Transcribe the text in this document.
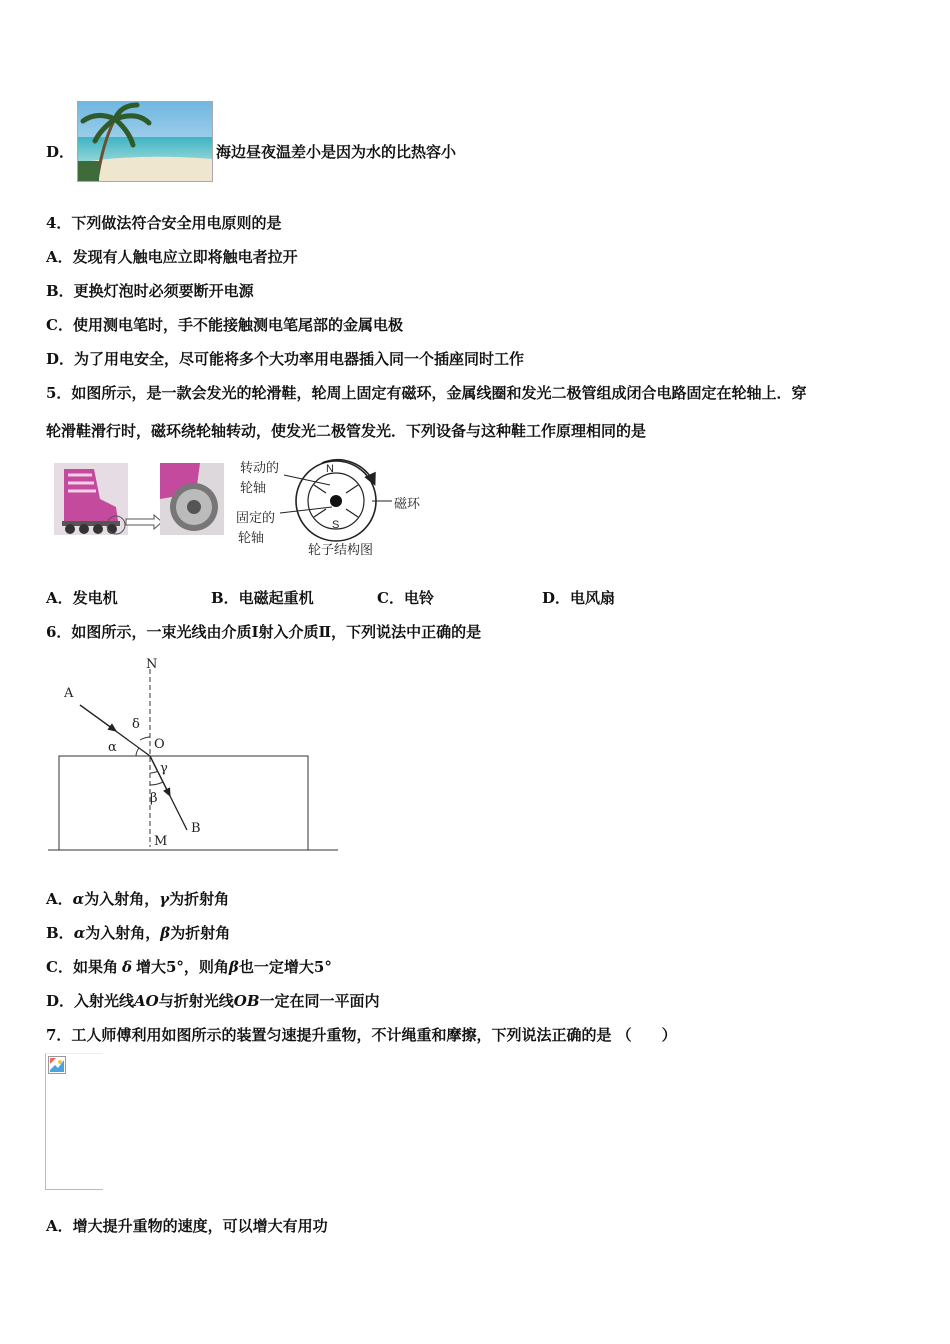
D．	海边昼夜温差小是因为水的比热容小
4．下列做法符合安全用电原则的是
A．发现有人触电应立即将触电者拉开
B．更换灯泡时必须要断开电源
C．使用测电笔时，手不能接触测电笔尾部的金属电极
D．为了用电安全，尽可能将多个大功率用电器插入同一个插座同时工作
5．如图所示，是一款会发光的轮滑鞋，轮周上固定有磁环，金属线圈和发光二极管组成闭合电路固定在轮轴上．穿
轮滑鞋滑行时，磁环绕轮轴转动，使发光二极管发光．下列设备与这种鞋工作原理相同的是
转动的
轮轴
固定的
轮轴
N
S
磁环
轮子结构图
A．发电机	B．电磁起重机	C．电铃	D．电风扇
6．如图所示，一束光线由介质Ⅰ射入介质Ⅱ，下列说法中正确的是
N
A
δ
α	O
γ
β
B
M
A．α为入射角，γ为折射角
B．α为入射角，β为折射角
C．如果角 δ 增大5°，则角β也一定增大5°
D．入射光线AO与折射光线OB一定在同一平面内
7．工人师傅利用如图所示的装置匀速提升重物，不计绳重和摩擦，下列说法正确的是 （　　）
A．增大提升重物的速度，可以增大有用功
